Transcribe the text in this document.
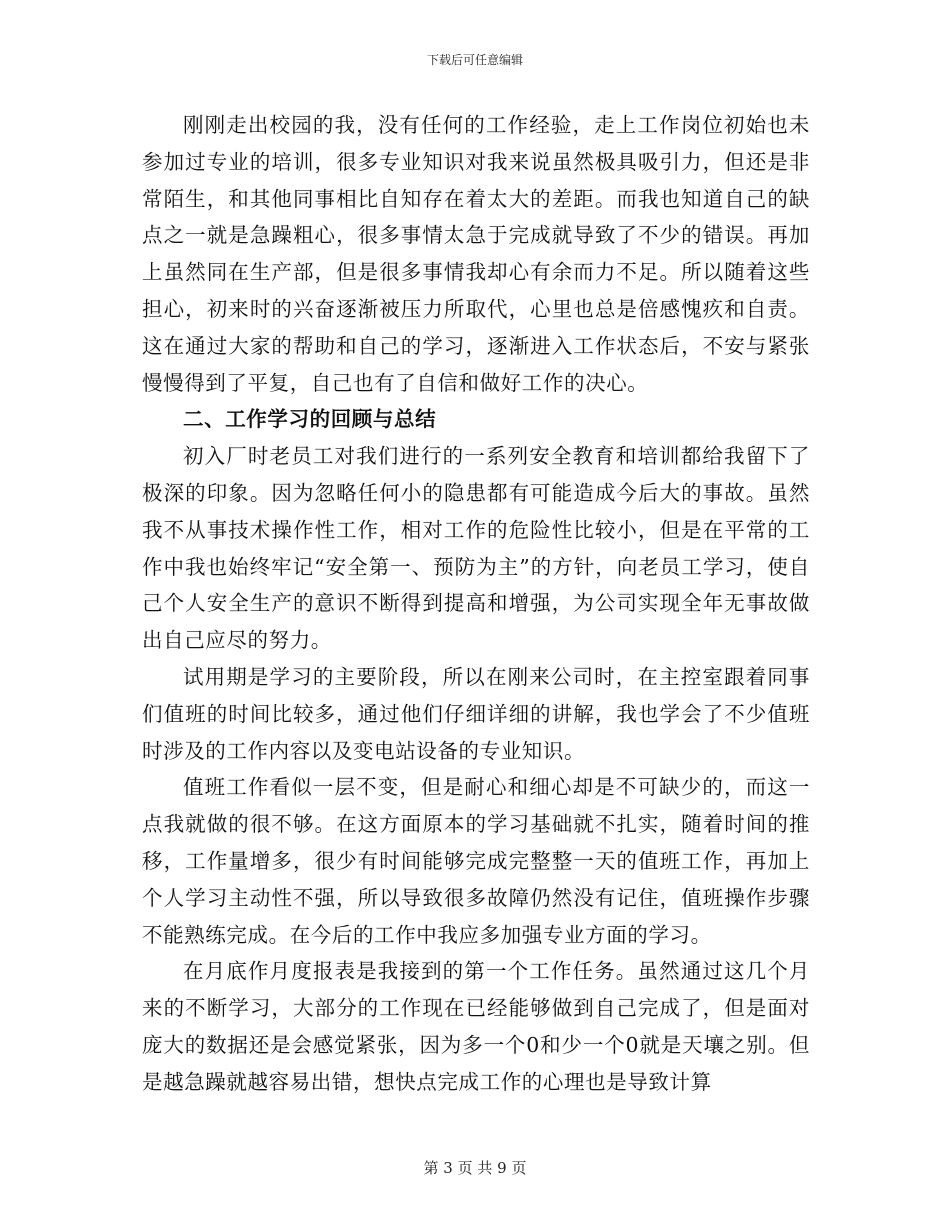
下载后可任意编辑

刚刚走出校园的我，没有任何的工作经验，走上工作岗位初始也未参加过专业的培训，很多专业知识对我来说虽然极具吸引力，但还是非常陌生，和其他同事相比自知存在着太大的差距。而我也知道自己的缺点之一就是急躁粗心，很多事情太急于完成就导致了不少的错误。再加上虽然同在生产部，但是很多事情我却心有余而力不足。所以随着这些担心，初来时的兴奋逐渐被压力所取代，心里也总是倍感愧疚和自责。这在通过大家的帮助和自己的学习，逐渐进入工作状态后，不安与紧张慢慢得到了平复，自己也有了自信和做好工作的决心。

二、工作学习的回顾与总结

初入厂时老员工对我们进行的一系列安全教育和培训都给我留下了极深的印象。因为忽略任何小的隐患都有可能造成今后大的事故。虽然我不从事技术操作性工作，相对工作的危险性比较小，但是在平常的工作中我也始终牢记“安全第一、预防为主”的方针，向老员工学习，使自己个人安全生产的意识不断得到提高和增强，为公司实现全年无事故做出自己应尽的努力。

试用期是学习的主要阶段，所以在刚来公司时，在主控室跟着同事们值班的时间比较多，通过他们仔细详细的讲解，我也学会了不少值班时涉及的工作内容以及变电站设备的专业知识。

值班工作看似一层不变，但是耐心和细心却是不可缺少的，而这一点我就做的很不够。在这方面原本的学习基础就不扎实，随着时间的推移，工作量增多，很少有时间能够完成完整整一天的值班工作，再加上个人学习主动性不强，所以导致很多故障仍然没有记住，值班操作步骤不能熟练完成。在今后的工作中我应多加强专业方面的学习。

在月底作月度报表是我接到的第一个工作任务。虽然通过这几个月来的不断学习，大部分的工作现在已经能够做到自己完成了，但是面对庞大的数据还是会感觉紧张，因为多一个0和少一个0就是天壤之别。但是越急躁就越容易出错，想快点完成工作的心理也是导致计算

第 3 页 共 9 页
